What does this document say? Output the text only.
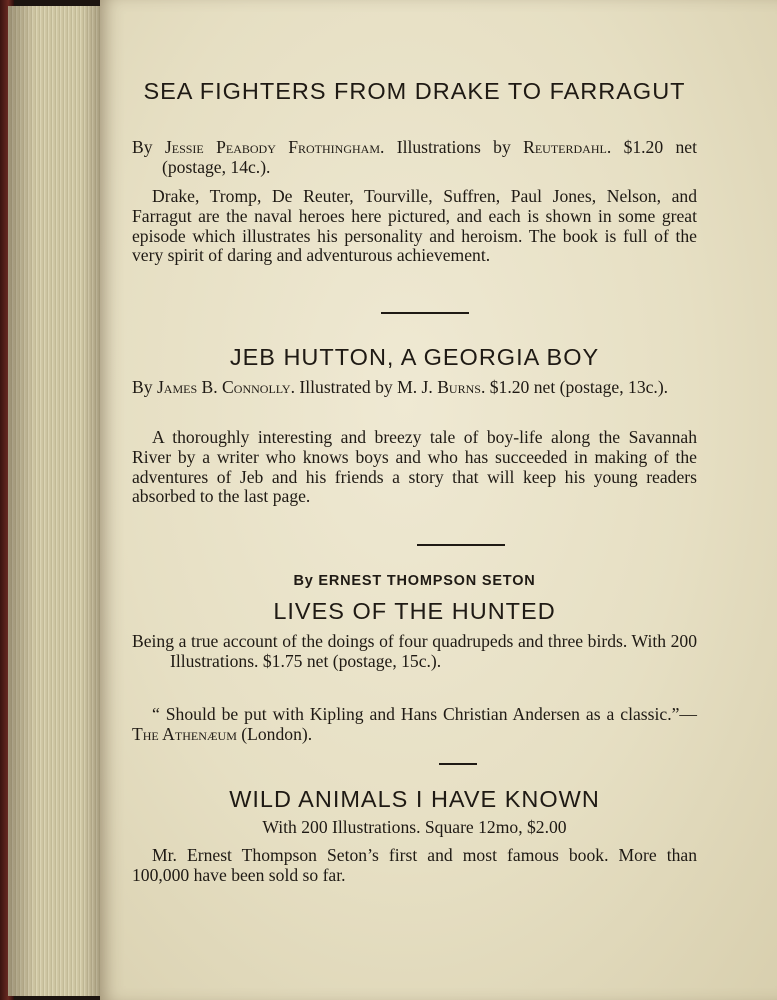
SEA FIGHTERS FROM DRAKE TO FARRAGUT

By Jessie Peabody Frothingham. Illustrations by Reuterdahl. $1.20 net (postage, 14c.).

Drake, Tromp, De Reuter, Tourville, Suffren, Paul Jones, Nelson, and Farragut are the naval heroes here pictured, and each is shown in some great episode which illustrates his personality and heroism. The book is full of the very spirit of daring and adventurous achievement.

JEB HUTTON, A GEORGIA BOY

By James B. Connolly. Illustrated by M. J. Burns. $1.20 net (postage, 13c.).

A thoroughly interesting and breezy tale of boy-life along the Savannah River by a writer who knows boys and who has succeeded in making of the adventures of Jeb and his friends a story that will keep his young readers absorbed to the last page.

By ERNEST THOMPSON SETON

LIVES OF THE HUNTED

Being a true account of the doings of four quadrupeds and three birds. With 200 Illustrations. $1.75 net (postage, 15c.).

“ Should be put with Kipling and Hans Christian Andersen as a classic.”—The Athenæum (London).

WILD ANIMALS I HAVE KNOWN

With 200 Illustrations. Square 12mo, $2.00

Mr. Ernest Thompson Seton’s first and most famous book. More than 100,000 have been sold so far.
